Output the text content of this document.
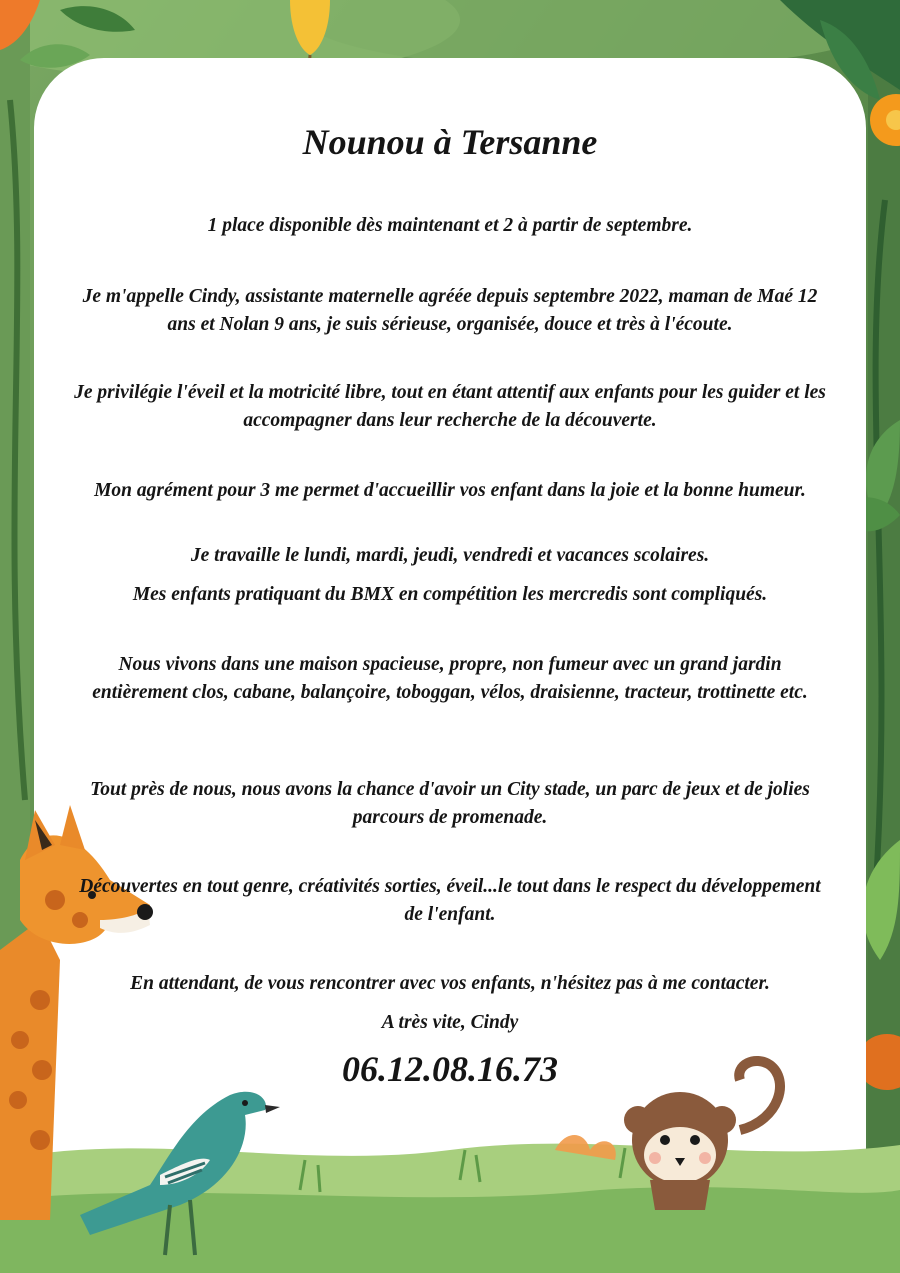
Nounou à Tersanne

1 place disponible dès maintenant et 2 à partir de septembre.

Je m'appelle Cindy, assistante maternelle agréée depuis septembre 2022, maman de Maé 12 ans et Nolan 9 ans, je suis sérieuse, organisée, douce et très à l'écoute.

Je privilégie l'éveil et la motricité libre, tout en étant attentif aux enfants pour les guider et les accompagner dans leur recherche de la découverte.

Mon agrément pour 3 me permet d'accueillir vos enfant dans la joie et la bonne humeur.

Je travaille le lundi, mardi, jeudi, vendredi et vacances scolaires.

Mes enfants pratiquant du BMX en compétition les mercredis sont compliqués.

Nous vivons dans une maison spacieuse, propre, non fumeur avec un grand jardin entièrement clos, cabane, balançoire, toboggan, vélos, draisienne, tracteur, trottinette etc.

Tout près de nous, nous avons la chance d'avoir un City stade, un parc de jeux et de jolies parcours de promenade.

Découvertes en tout genre, créativités sorties, éveil...le tout dans le respect du développement de l'enfant.

En attendant, de vous rencontrer avec vos enfants, n'hésitez pas à me contacter.

A très vite, Cindy

06.12.08.16.73
